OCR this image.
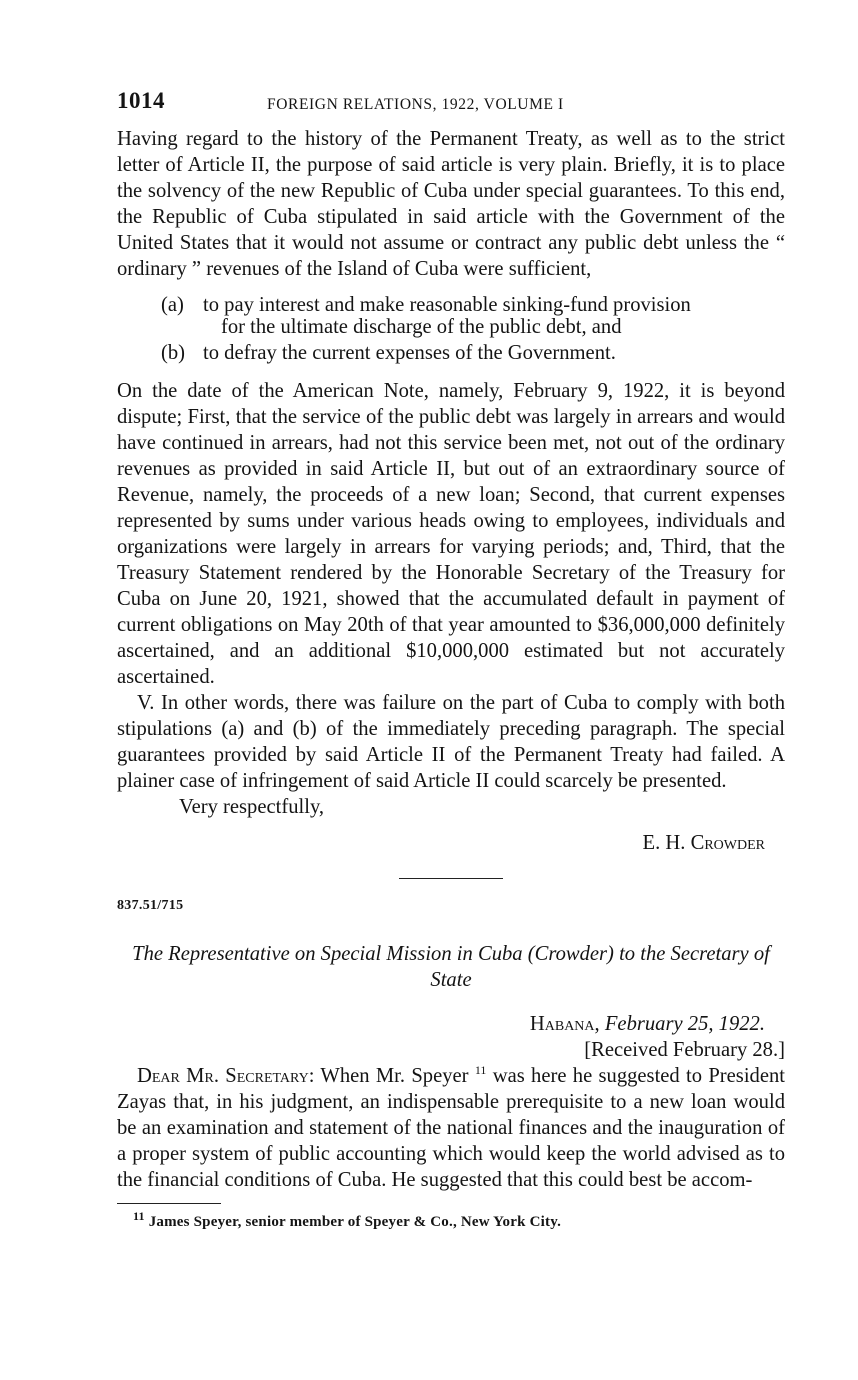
1014	FOREIGN RELATIONS, 1922, VOLUME I

Having regard to the history of the Permanent Treaty, as well as to the strict letter of Article II, the purpose of said article is very plain. Briefly, it is to place the solvency of the new Republic of Cuba under special guarantees. To this end, the Republic of Cuba stipulated in said article with the Government of the United States that it would not assume or contract any public debt unless the “ ordinary ” revenues of the Island of Cuba were sufficient,

(a) to pay interest and make reasonable sinking-fund provision
for the ultimate discharge of the public debt, and

(b) to defray the current expenses of the Government.

On the date of the American Note, namely, February 9, 1922, it is beyond dispute; First, that the service of the public debt was largely in arrears and would have continued in arrears, had not this service been met, not out of the ordinary revenues as provided in said Article II, but out of an extraordinary source of Revenue, namely, the proceeds of a new loan; Second, that current expenses represented by sums under various heads owing to employees, individuals and organizations were largely in arrears for varying periods; and, Third, that the Treasury Statement rendered by the Honorable Secretary of the Treasury for Cuba on June 20, 1921, showed that the accumulated default in payment of current obligations on May 20th of that year amounted to $36,000,000 definitely ascertained, and an additional $10,000,000 estimated but not accurately ascertained.

V. In other words, there was failure on the part of Cuba to comply with both stipulations (a) and (b) of the immediately preceding paragraph. The special guarantees provided by said Article II of the Permanent Treaty had failed. A plainer case of infringement of said Article II could scarcely be presented.

Very respectfully,

E. H. Crowder

837.51/715

The Representative on Special Mission in Cuba (Crowder) to the Secretary of State

Habana, February 25, 1922.

[Received February 28.]

Dear Mr. Secretary: When Mr. Speyer $^{11}$ was here he suggested to President Zayas that, in his judgment, an indispensable prerequisite to a new loan would be an examination and statement of the national finances and the inauguration of a proper system of public accounting which would keep the world advised as to the financial conditions of Cuba. He suggested that this could best be accom-

$^{11}$ James Speyer, senior member of Speyer & Co., New York City.
